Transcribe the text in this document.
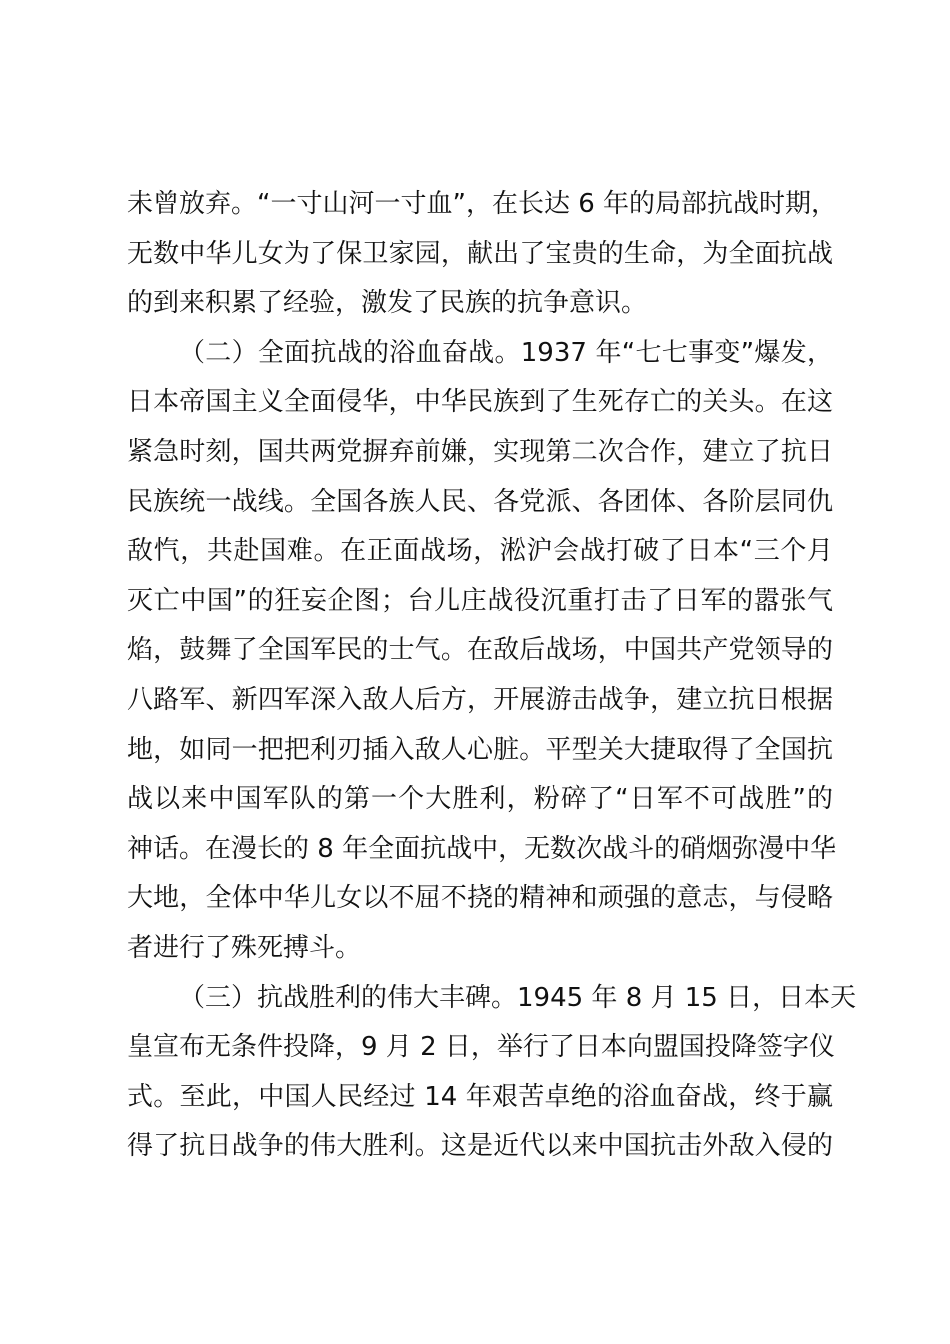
未曾放弃。“一寸山河一寸血”，在长达 6 年的局部抗战时期，
无数中华儿女为了保卫家园，献出了宝贵的生命，为全面抗战
的到来积累了经验，激发了民族的抗争意识。
（二）全面抗战的浴血奋战。1937 年“七七事变”爆发，
日本帝国主义全面侵华，中华民族到了生死存亡的关头。在这
紧急时刻，国共两党摒弃前嫌，实现第二次合作，建立了抗日
民族统一战线。全国各族人民、各党派、各团体、各阶层同仇
敌忾，共赴国难。在正面战场，淞沪会战打破了日本“三个月
灭亡中国”的狂妄企图；台儿庄战役沉重打击了日军的嚣张气
焰，鼓舞了全国军民的士气。在敌后战场，中国共产党领导的
八路军、新四军深入敌人后方，开展游击战争，建立抗日根据
地，如同一把把利刃插入敌人心脏。平型关大捷取得了全国抗
战以来中国军队的第一个大胜利，粉碎了“日军不可战胜”的
神话。在漫长的 8 年全面抗战中，无数次战斗的硝烟弥漫中华
大地，全体中华儿女以不屈不挠的精神和顽强的意志，与侵略
者进行了殊死搏斗。
（三）抗战胜利的伟大丰碑。1945 年 8 月 15 日，日本天
皇宣布无条件投降，9 月 2 日，举行了日本向盟国投降签字仪
式。至此，中国人民经过 14 年艰苦卓绝的浴血奋战，终于赢
得了抗日战争的伟大胜利。这是近代以来中国抗击外敌入侵的
